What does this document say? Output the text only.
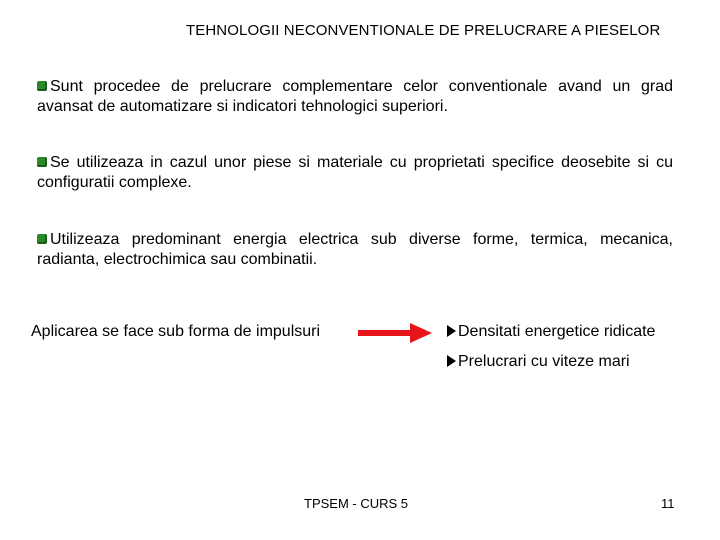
TEHNOLOGII NECONVENTIONALE DE PRELUCRARE A PIESELOR
Sunt procedee de prelucrare complementare celor conventionale avand un grad avansat de automatizare si indicatori tehnologici superiori.
Se utilizeaza in cazul unor piese si materiale cu proprietati specifice deosebite si cu configuratii complexe.
Utilizeaza predominant energia electrica sub diverse forme, termica, mecanica, radianta, electrochimica sau combinatii.
Aplicarea se face sub forma de impulsuri	Densitati energetice ridicate
Prelucrari cu viteze mari
TPSEM - CURS 5	11
